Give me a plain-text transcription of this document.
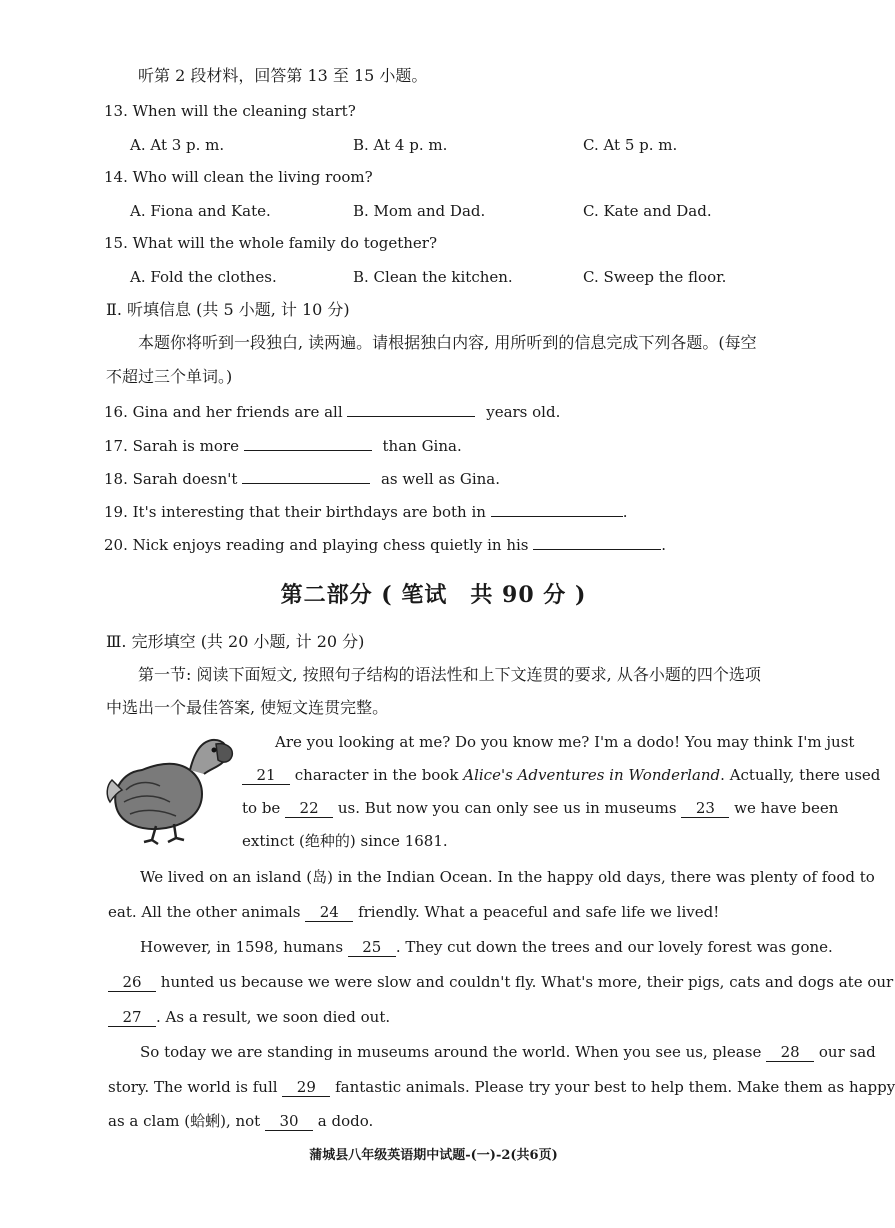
听第 2 段材料，回答第 13 至 15 小题。
13. When will the cleaning start?
A. At 3 p. m.	B. At 4 p. m.	C. At 5 p. m.
14. Who will clean the living room?
A. Fiona and Kate.	B. Mom and Dad.	C. Kate and Dad.
15. What will the whole family do together?
A. Fold the clothes.	B. Clean the kitchen.	C. Sweep the floor.
Ⅱ. 听填信息 (共 5 小题, 计 10 分)
本题你将听到一段独白, 读两遍。请根据独白内容, 用所听到的信息完成下列各题。(每空
不超过三个单词。)
16. Gina and her friends are all	years old.
17. Sarah is more	than Gina.
18. Sarah doesn't	as well as Gina.
19. It's interesting that their birthdays are both in	.
20. Nick enjoys reading and playing chess quietly in his	.
第二部分 ( 笔试　共 90 分 )
Ⅲ. 完形填空 (共 20 小题, 计 20 分)
第一节: 阅读下面短文, 按照句子结构的语法性和上下文连贯的要求, 从各小题的四个选项
中选出一个最佳答案, 使短文连贯完整。
Are you looking at me? Do you know me? I'm a dodo! You may think I'm just
21 character in the book Alice's Adventures in Wonderland. Actually, there used
to be 22 us. But now you can only see us in museums 23 we have been
extinct (绝种的) since 1681.
We lived on an island (岛) in the Indian Ocean. In the happy old days, there was plenty of food to
eat. All the other animals 24 friendly. What a peaceful and safe life we lived!
However, in 1598, humans 25 . They cut down the trees and our lovely forest was gone.
26 hunted us because we were slow and couldn't fly. What's more, their pigs, cats and dogs ate our
27 . As a result, we soon died out.
So today we are standing in museums around the world. When you see us, please 28 our sad
story. The world is full 29 fantastic animals. Please try your best to help them. Make them as happy
as a clam (蛤蜊), not 30 a dodo.
蒲城县八年级英语期中试题-(一)-2(共6页)
